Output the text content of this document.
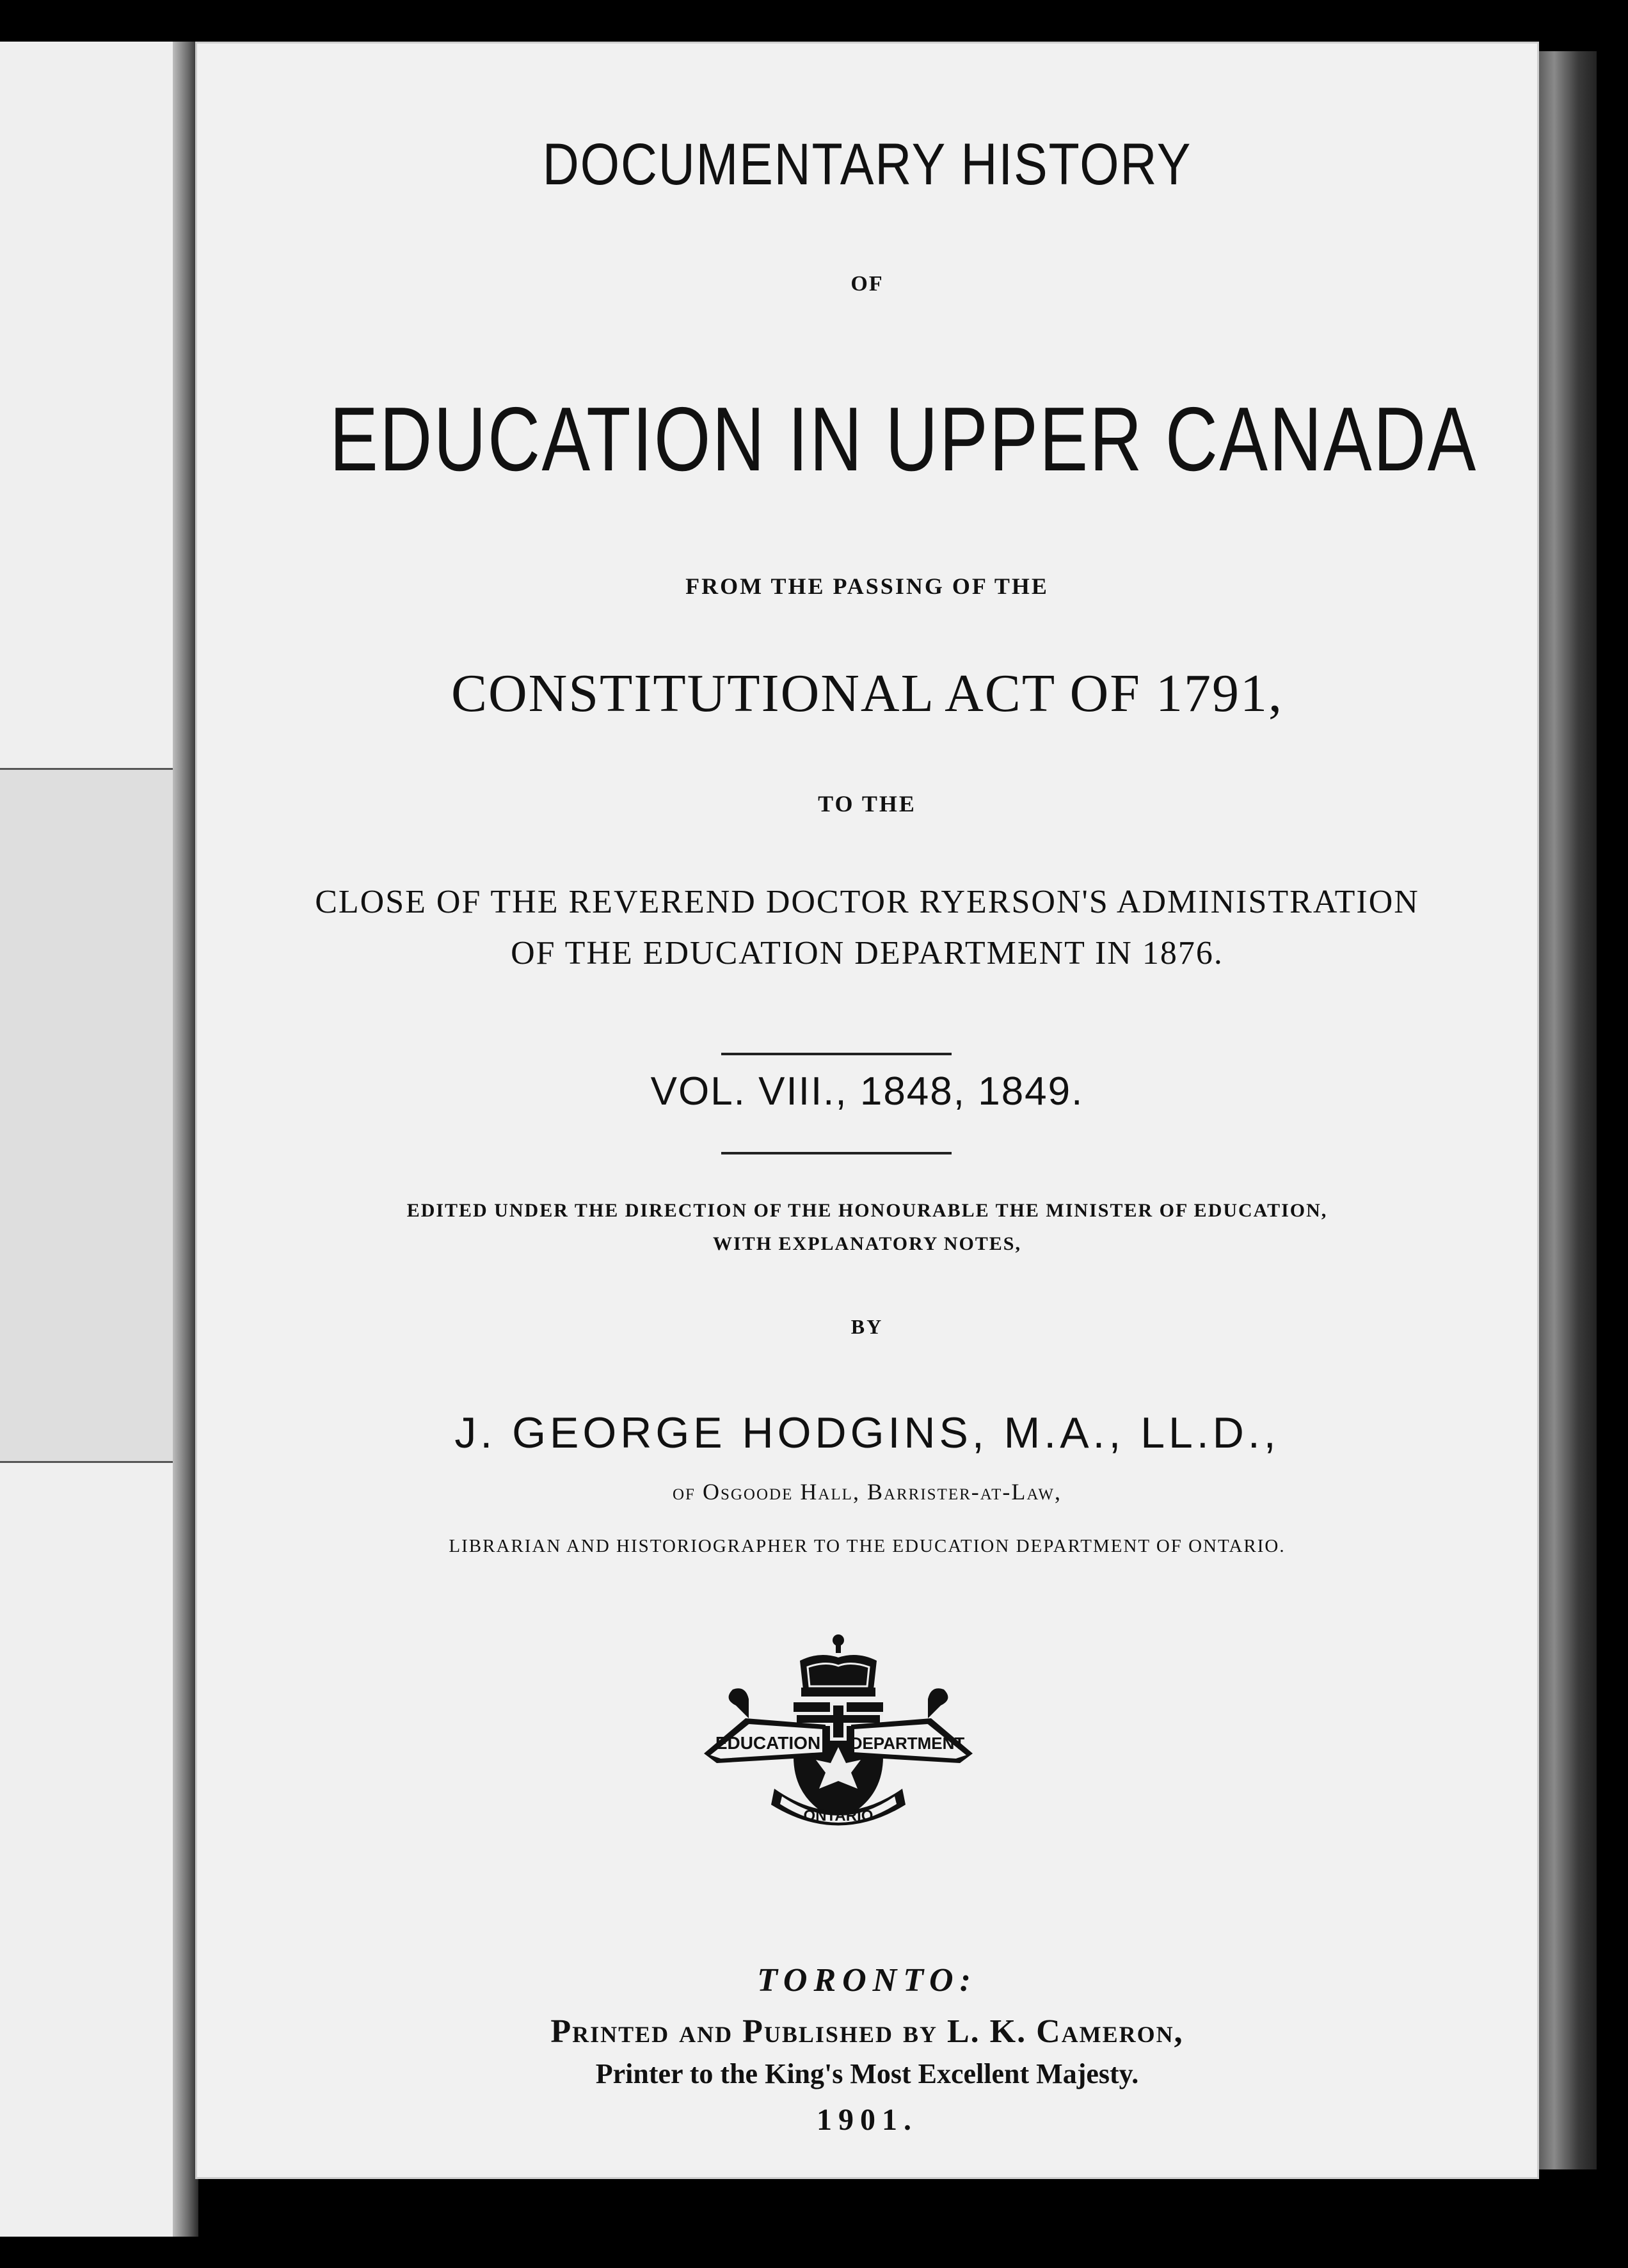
DOCUMENTARY HISTORY
OF
EDUCATION IN UPPER CANADA
FROM THE PASSING OF THE
CONSTITUTIONAL ACT OF 1791,
TO THE
CLOSE OF THE REVEREND DOCTOR RYERSON'S ADMINISTRATION
OF THE EDUCATION DEPARTMENT IN 1876.
VOL. VIII., 1848, 1849.
EDITED UNDER THE DIRECTION OF THE HONOURABLE THE MINISTER OF EDUCATION,
WITH EXPLANATORY NOTES,
BY
J. GEORGE HODGINS, M.A., LL.D.,
of Osgoode Hall, Barrister-at-Law,
LIBRARIAN AND HISTORIOGRAPHER TO THE EDUCATION DEPARTMENT OF ONTARIO.
EDUCATION DEPARTMENT
ONTARIO
TORONTO:
Printed and Published by L. K. Cameron,
Printer to the King's Most Excellent Majesty.
1901.
